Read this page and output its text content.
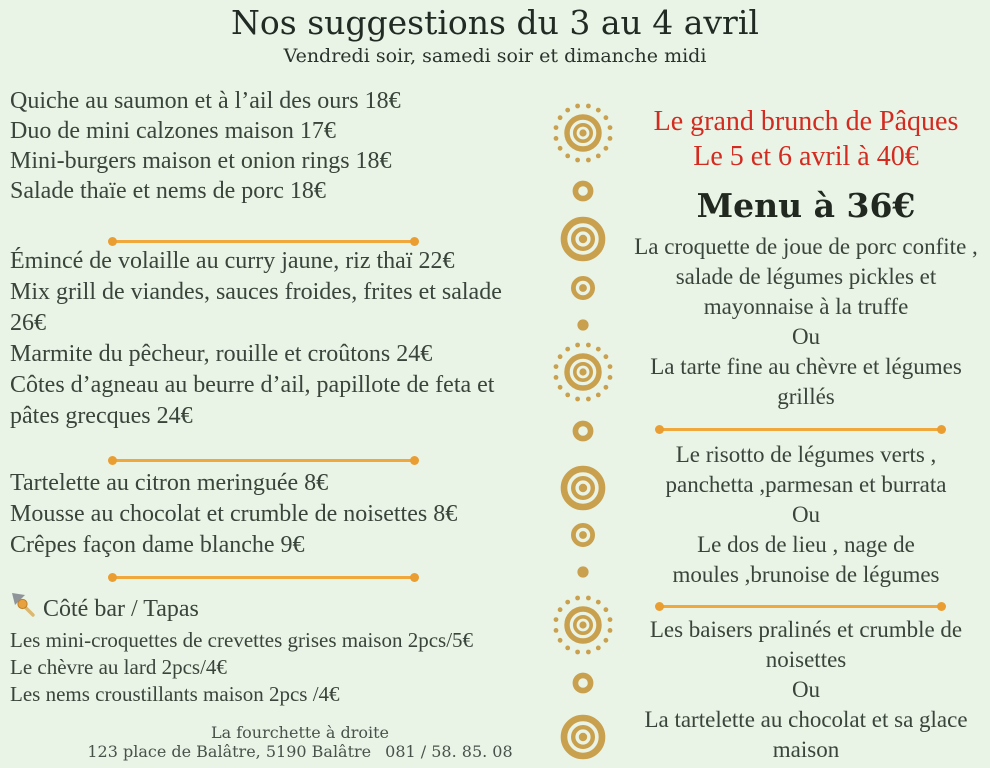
Nos suggestions du 3 au 4 avril
Vendredi soir, samedi soir et dimanche midi
Quiche au saumon et à l’ail des ours 18€
Duo de mini calzones maison 17€
Mini-burgers maison et onion rings 18€
Salade thaïe et nems de porc 18€
Émincé de volaille au curry jaune, riz thaï 22€
Mix grill de viandes, sauces froides, frites et salade 26€
Marmite du pêcheur, rouille et croûtons 24€
Côtes d’agneau au beurre d’ail, papillote de feta et pâtes grecques 24€
Tartelette au citron meringuée 8€
Mousse au chocolat et crumble de noisettes 8€
Crêpes façon dame blanche 9€
Côté bar / Tapas
Les mini-croquettes de crevettes grises maison 2pcs/5€
Le chèvre au lard 2pcs/4€
Les nems croustillants maison 2pcs /4€
La fourchette à droite
123 place de Balâtre, 5190 Balâtre 081 / 58. 85. 08
Le grand brunch de Pâques
Le 5 et 6 avril à 40€
Menu à 36€
La croquette de joue de porc confite ,
salade de légumes pickles et
mayonnaise à la truffe
Ou
La tarte fine au chèvre et légumes
grillés
Le risotto de légumes verts ,
panchetta ,parmesan et burrata
Ou
Le dos de lieu , nage de
moules ,brunoise de légumes
Les baisers pralinés et crumble de
noisettes
Ou
La tartelette au chocolat et sa glace
maison
